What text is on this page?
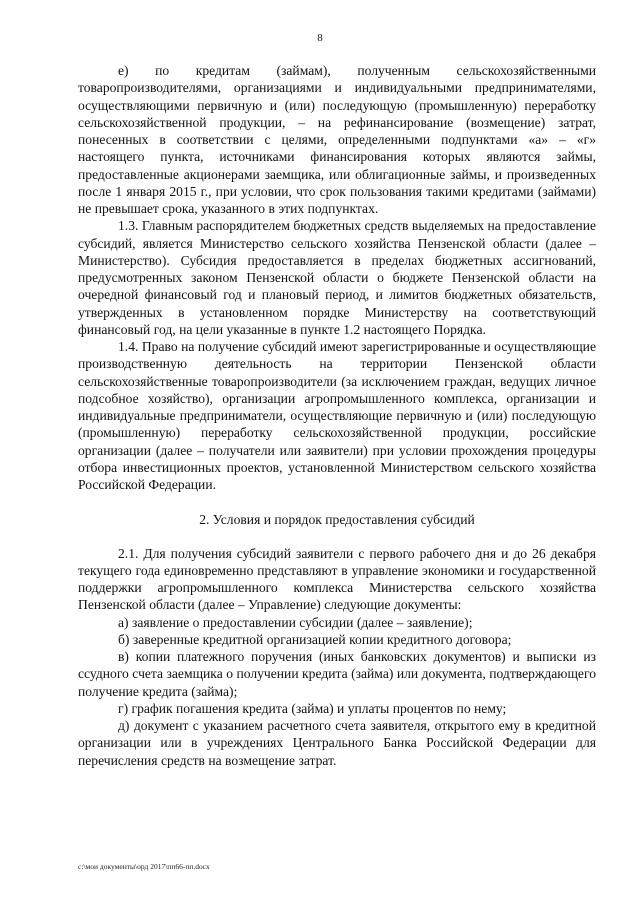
8

е) по кредитам (займам), полученным сельскохозяйственными товаропроизводителями, организациями и индивидуальными предпринимателями, осуществляющими первичную и (или) последующую (промышленную) переработку сельскохозяйственной продукции, – на рефинансирование (возмещение) затрат, понесенных в соответствии с целями, определенными подпунктами «а» – «г» настоящего пункта, источниками финансирования которых являются займы, предоставленные акционерами заемщика, или облигационные займы, и произведенных после 1 января 2015 г., при условии, что срок пользования такими кредитами (займами) не превышает срока, указанного в этих подпунктах.

1.3. Главным распорядителем бюджетных средств выделяемых на предоставление субсидий, является Министерство сельского хозяйства Пензенской области (далее – Министерство). Субсидия предоставляется в пределах бюджетных ассигнований, предусмотренных законом Пензенской области о бюджете Пензенской области на очередной финансовый год и плановый период, и лимитов бюджетных обязательств, утвержденных в установленном порядке Министерству на соответствующий финансовый год, на цели указанные в пункте 1.2 настоящего Порядка.

1.4. Право на получение субсидий имеют зарегистрированные и осуществляющие производственную деятельность на территории Пензенской области сельскохозяйственные товаропроизводители (за исключением граждан, ведущих личное подсобное хозяйство), организации агропромышленного комплекса, организации и индивидуальные предприниматели, осуществляющие первичную и (или) последующую (промышленную) переработку сельскохозяйственной продукции, российские организации (далее – получатели или заявители) при условии прохождения процедуры отбора инвестиционных проектов, установленной Министерством сельского хозяйства Российской Федерации.

2. Условия и порядок предоставления субсидий

2.1. Для получения субсидий заявители с первого рабочего дня и до 26 декабря текущего года единовременно представляют в управление экономики и государственной поддержки агропромышленного комплекса Министерства сельского хозяйства Пензенской области (далее – Управление) следующие документы:

а) заявление о предоставлении субсидии (далее – заявление);

б) заверенные кредитной организацией копии кредитного договора;

в) копии платежного поручения (иных банковских документов) и выписки из ссудного счета заемщика о получении кредита (займа) или документа, подтверждающего получение кредита (займа);

г) график погашения кредита (займа) и уплаты процентов по нему;

д) документ с указанием расчетного счета заявителя, открытого ему в кредитной организации или в учреждениях Центрального Банка Российской Федерации для перечисления средств на возмещение затрат.

c:\мои документы\орд 2017\пп66-пп.docx
